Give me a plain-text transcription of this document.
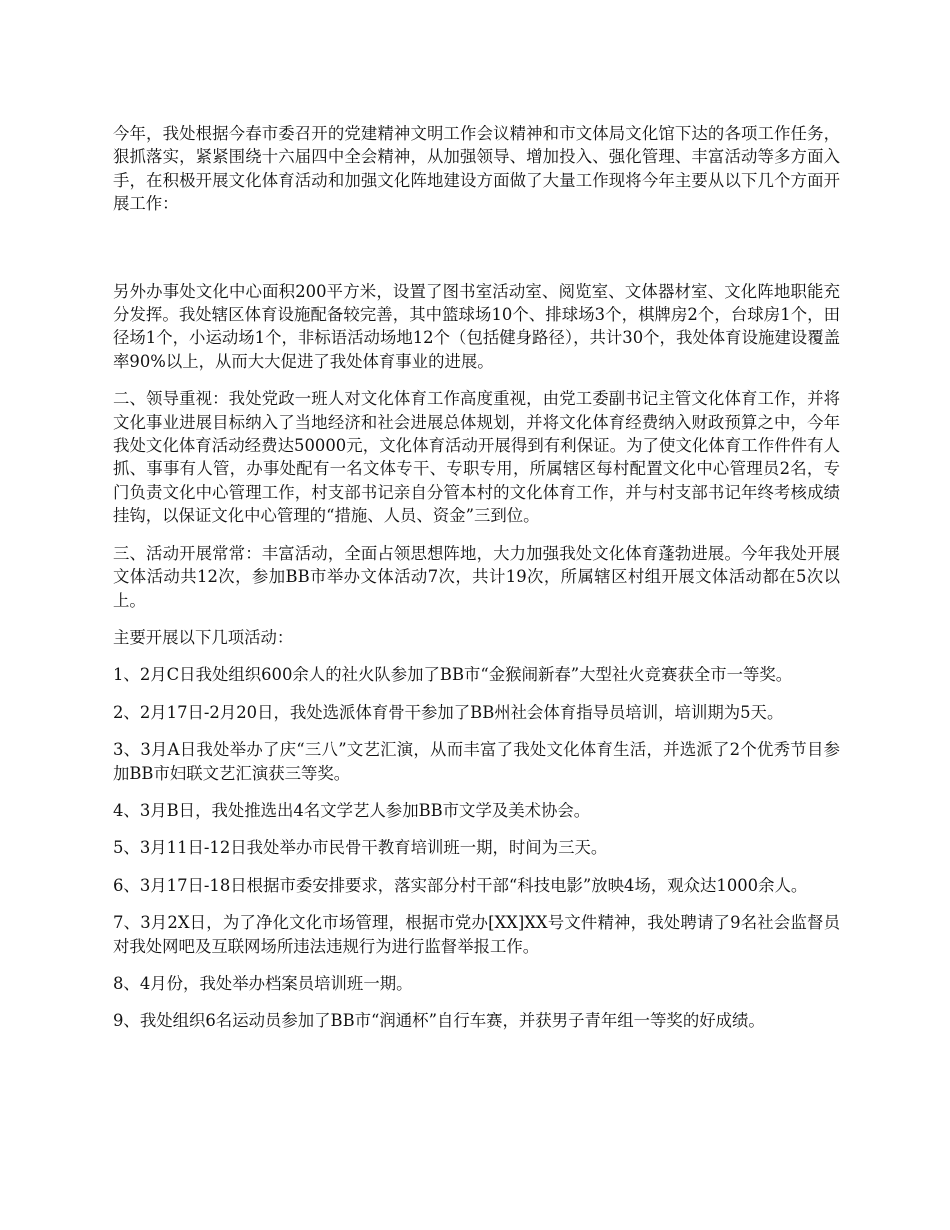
今年，我处根据今春市委召开的党建精神文明工作会议精神和市文体局文化馆下达的各项工作任务，狠抓落实，紧紧围绕十六届四中全会精神，从加强领导、增加投入、强化管理、丰富活动等多方面入手，在积极开展文化体育活动和加强文化阵地建设方面做了大量工作现将今年主要从以下几个方面开展工作：

另外办事处文化中心面积200平方米，设置了图书室活动室、阅览室、文体器材室、文化阵地职能充分发挥。我处辖区体育设施配备较完善，其中篮球场10个、排球场3个，棋牌房2个，台球房1个，田径场1个，小运动场1个，非标语活动场地12个（包括健身路径），共计30个，我处体育设施建设覆盖率90%以上，从而大大促进了我处体育事业的进展。

二、领导重视：我处党政一班人对文化体育工作高度重视，由党工委副书记主管文化体育工作，并将文化事业进展目标纳入了当地经济和社会进展总体规划，并将文化体育经费纳入财政预算之中，今年我处文化体育活动经费达50000元，文化体育活动开展得到有利保证。为了使文化体育工作件件有人抓、事事有人管，办事处配有一名文体专干、专职专用，所属辖区每村配置文化中心管理员2名，专门负责文化中心管理工作，村支部书记亲自分管本村的文化体育工作，并与村支部书记年终考核成绩挂钩，以保证文化中心管理的“措施、人员、资金”三到位。

三、活动开展常常：丰富活动，全面占领思想阵地，大力加强我处文化体育蓬勃进展。今年我处开展文体活动共12次，参加BB市举办文体活动7次，共计19次，所属辖区村组开展文体活动都在5次以上。

主要开展以下几项活动：

1、2月C日我处组织600余人的社火队参加了BB市“金猴闹新春”大型社火竞赛获全市一等奖。

2、2月17日-2月20日，我处选派体育骨干参加了BB州社会体育指导员培训，培训期为5天。

3、3月A日我处举办了庆“三八”文艺汇演，从而丰富了我处文化体育生活，并选派了2个优秀节目参加BB市妇联文艺汇演获三等奖。

4、3月B日，我处推选出4名文学艺人参加BB市文学及美术协会。

5、3月11日-12日我处举办市民骨干教育培训班一期，时间为三天。

6、3月17日-18日根据市委安排要求，落实部分村干部“科技电影”放映4场，观众达1000余人。

7、3月2X日，为了净化文化市场管理，根据市党办[XX]XX号文件精神，我处聘请了9名社会监督员对我处网吧及互联网场所违法违规行为进行监督举报工作。

8、4月份，我处举办档案员培训班一期。

9、我处组织6名运动员参加了BB市“润通杯”自行车赛，并获男子青年组一等奖的好成绩。
